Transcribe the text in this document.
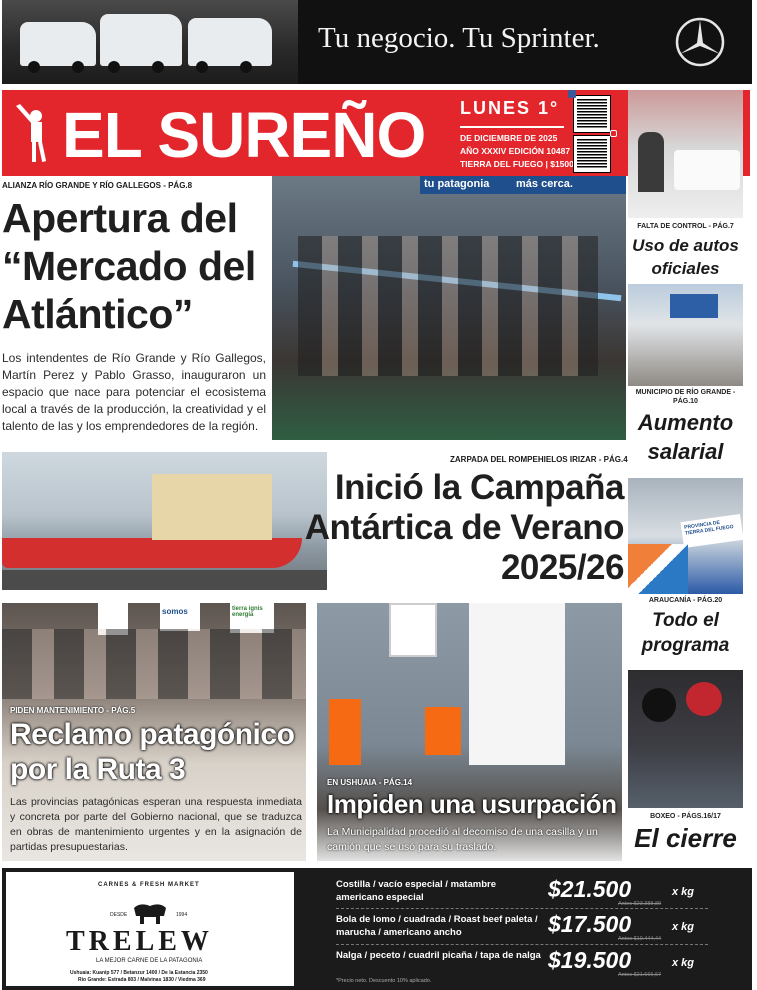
Tu negocio. Tu Sprinter.
EL SUREÑO LUNES 1°
DE DICIEMBRE DE 2025
AÑO XXXIV EDICIÓN 10487
TIERRA DEL FUEGO | $1500
ALIANZA RÍO GRANDE Y RÍO GALLEGOS - PÁG.8
Apertura del “Mercado del Atlántico”
Los intendentes de Río Grande y Río Gallegos, Martín Perez y Pablo Grasso, inauguraron un espacio que nace para potenciar el ecosistema local a través de la producción, la creatividad y el talento de las y los emprendedores de la región.
tu patagonia más cerca.
FALTA DE CONTROL - PÁG.7
Uso de autos oficiales
MUNICIPIO DE RÍO GRANDE - PÁG.10
Aumento salarial
PROVINCIA DE TIERRA DEL FUEGO
ARAUCANÍA - PÁG.20
Todo el programa
BOXEO - PÁGS.16/17
El cierre
ZARPADA DEL ROMPEHIELOS IRIZAR - PÁG.4
Inició la Campaña Antártica de Verano 2025/26
somos	tierra ignis energía
PIDEN MANTENIMIENTO - PÁG.5
Reclamo patagónico por la Ruta 3
Las provincias patagónicas esperan una respuesta inmediata y concreta por parte del Gobierno nacional, que se traduzca en obras de mantenimiento urgentes y en la asignación de partidas presupuestarias.
EN USHUAIA - PÁG.14
Impiden una usurpación
La Municipalidad procedió al decomiso de una casilla y un camión que se usó para su traslado.
CARNES & FRESH MARKET
DESDE	1994
TRELEW
LA MEJOR CARNE DE LA PATAGONIA
Ushuaia: Kuanip 577 / Betanzur 1400 / De la Estancia 2350
Río Grande: Estrada 803 / Malvinas 1830 / Viedma 369
Costilla / vacío especial / matambre americano especial	$21.500	x kg
Antes $23.388,89
Bola de lomo / cuadrada / Roast beef paleta / marucha / americano ancho	$17.500	x kg
Antes $19.444,44
Nalga / peceto / cuadril picaña / tapa de nalga $19.500	x kg
Antes $21.666,67
*Precio neto. Descuento 10% aplicado.
